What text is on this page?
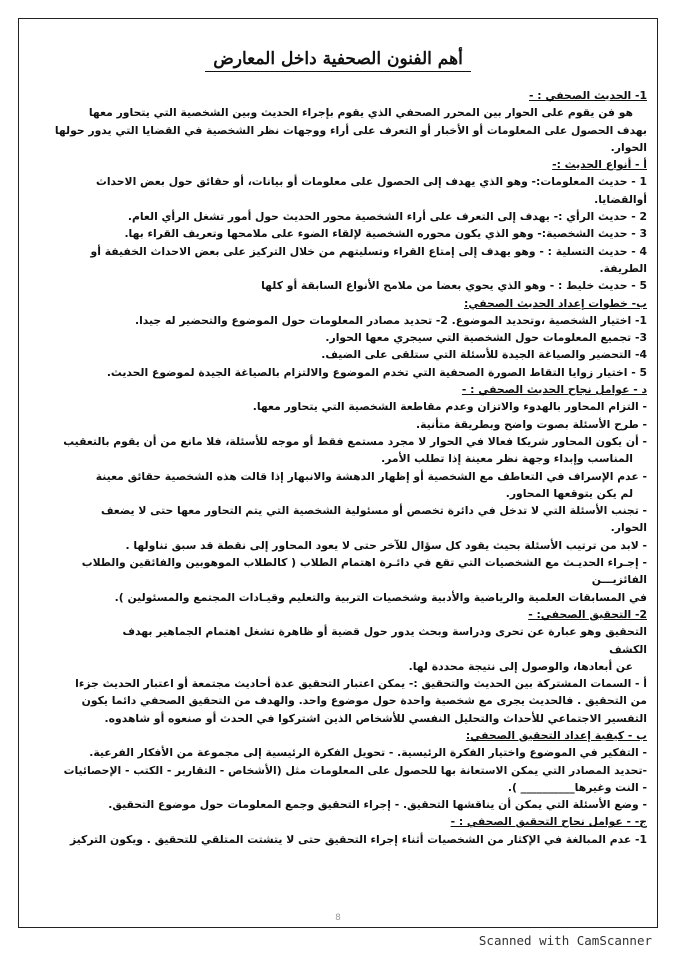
أهم الفنون الصحفية داخل المعارض

1- الحديث الصحفي : -

هو فن يقوم على الحوار بين المحرر الصحفي الذي يقوم بإجراء الحديث وبين الشخصية التي يتحاور معها

بهدف الحصول على المعلومات أو الأخبار أو التعرف على أراء ووجهات نظر الشخصية في القضايا التي يدور حولها

الحوار.

أ - أنواع الحديث :-

1 - حديث المعلومات:- وهو الذي يهدف إلى الحصول على معلومات أو بيانات، أو حقائق حول بعض الاحداث

أوالقضايا.

2 - حديث الرأي :- يهدف إلى التعرف على أراء الشخصية محور الحديث حول أمور تشغل الرأي العام.

3 - حديث الشخصية:- وهو الذي يكون محوره الشخصية لإلقاء الضوء على ملامحها وتعريف القراء بها.

4 - حديث التسلية : - وهو يهدف إلى إمتاع القراء وتسليتهم من خلال التركيز على بعض الاحداث الخفيفة أو

الطريفة.

5 - حديث خليط : - وهو الذي يحوي بعضا من ملامح الأنواع السابقة أو كلها

ب- خطوات إعداد الحديث الصحفي:

1- اختيار الشخصية ،وتحديد الموضوع. 2- تحديد مصادر المعلومات حول الموضوع والتحضير له جيدا.

3- تجميع المعلومات حول الشخصية التي سيجري معها الحوار.

4- التحضير والصياغة الجيدة للأسئلة التي ستلقى على الضيف.

5 - اختيار زوايا التقاط الصورة الصحفية التي تخدم الموضوع والالتزام بالصياغة الجيدة لموضوع الحديث.

د - عوامل نجاح الحديث الصحفي : -

- التزام المحاور بالهدوء والاتزان وعدم مقاطعة الشخصية التي يتحاور معها.

- طرح الأسئلة بصوت واضح وبطريقة متأنية.

- أن يكون المحاور شريكا فعالا في الحوار لا مجرد مستمع فقط أو موجه للأسئلة، فلا مانع من أن يقوم بالتعقيب

المناسب وإبداء وجهة نظر معينة إذا تطلب الأمر.

- عدم الإسراف في التعاطف مع الشخصية أو إظهار الدهشة والانبهار إذا قالت هذه الشخصية حقائق معينة

لم يكن يتوقعها المحاور.

- تجنب الأسئلة التي لا تدخل في دائرة تخصص أو مسئولية الشخصية التي يتم التحاور معها حتى لا يضعف

الحوار.

- لابد من ترتيب الأسئلة بحيث يقود كل سؤال للآخر حتى لا يعود المحاور إلى نقطة قد سبق تناولها .

- إجـراء الحديـث مع الشخصيات التي تقع في دائـرة اهتمام الطلاب ( كالطلاب الموهوبين والفائقين والطلاب

الفائزيـــن

في المسابقات العلمية والرياضية والأدبية وشخصيات التربية والتعليم وقيـادات المجتمع والمسئولين ).

2- التحقيق الصحفي: -

التحقيق وهو عبارة عن تحرى ودراسة وبحث يدور حول قضية أو ظاهرة تشغل اهتمام الجماهير بهدف

الكشف

عن أبعادها، والوصول إلى نتيجة محددة لها.

أ - السمات المشتركة بين الحديث والتحقيق :- يمكن اعتبار التحقيق عدة أحاديث مجتمعة أو اعتبار الحديث جزءا

من التحقيق . فالحديث يجرى مع شخصية واحدة حول موضوع واحد. والهدف من التحقيق الصحفي دائما يكون

التفسير الاجتماعي للأحداث والتحليل النفسي للأشخاص الذين اشتركوا في الحدث أو صنعوه أو شاهدوه.

ب - كيفية إعداد التحقيق الصحفي:

- التفكير في الموضوع واختيار الفكرة الرئيسية. - تحويل الفكرة الرئيسية إلى مجموعة من الأفكار الفرعية.

-تحديد المصادر التي يمكن الاستعانة بها للحصول على المعلومات مثل (الأشخاص - التقارير - الكتب - الإحصائيات

- النت وغيرها__________ ).

- وضع الأسئلة التي يمكن أن يناقشها التحقيق. - إجراء التحقيق وجمع المعلومات حول موضوع التحقيق.

ج- - عوامل نجاح التحقيق الصحفي : -

1- عدم المبالغة في الإكثار من الشخصيات أثناء إجراء التحقيق حتى لا يتشتت المتلقي للتحقيق . ويكون التركيز

8
Scanned with CamScanner
